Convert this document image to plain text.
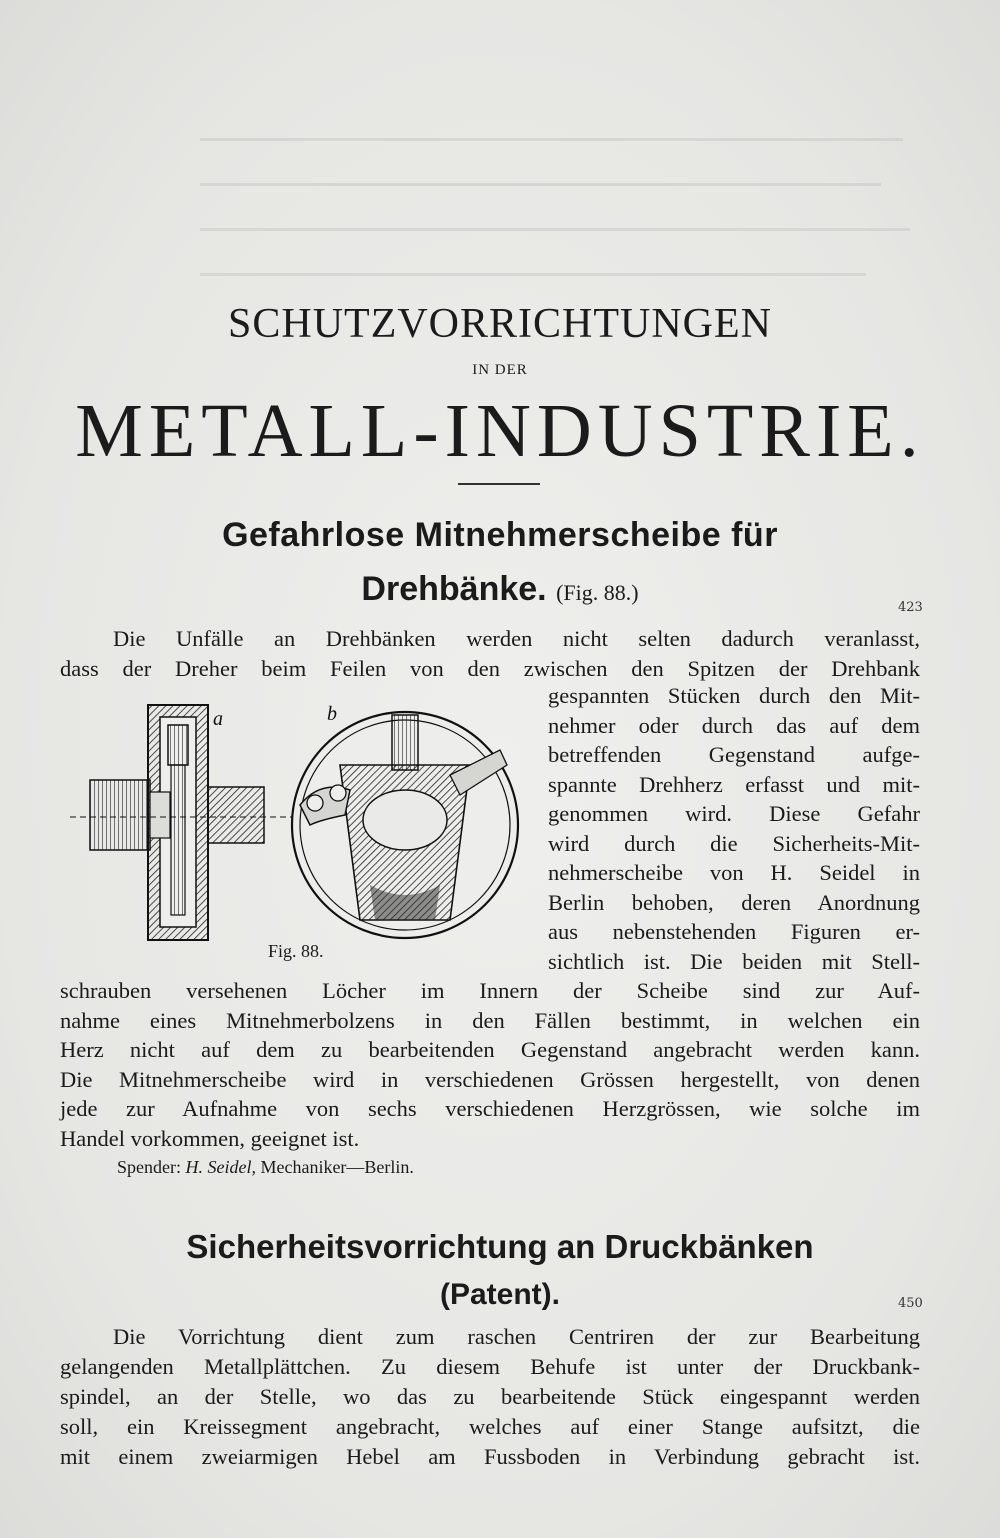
SCHUTZVORRICHTUNGEN
IN DER
METALL-INDUSTRIE.
Gefahrlose Mitnehmerscheibe für
Drehbänke. (Fig. 88.)
423
Die Unfälle an Drehbänken werden nicht selten dadurch veranlasst,
dass der Dreher beim Feilen von den zwischen den Spitzen der Drehbank
gespannten Stücken durch den Mit-
nehmer oder durch das auf dem
betreffenden Gegenstand aufge-
spannte Drehherz erfasst und mit-
genommen wird. Diese Gefahr
wird durch die Sicherheits-Mit-
nehmerscheibe von H. Seidel in
Berlin behoben, deren Anordnung
aus nebenstehenden Figuren er-
sichtlich ist. Die beiden mit Stell-
schrauben versehenen Löcher im Innern der Scheibe sind zur Auf-
nahme eines Mitnehmerbolzens in den Fällen bestimmt, in welchen ein
Herz nicht auf dem zu bearbeitenden Gegenstand angebracht werden kann.
Die Mitnehmerscheibe wird in verschiedenen Grössen hergestellt, von denen
jede zur Aufnahme von sechs verschiedenen Herzgrössen, wie solche im
Handel vorkommen, geeignet ist.
a	b
Fig. 88.
Spender: H. Seidel, Mechaniker—Berlin.
Sicherheitsvorrichtung an Druckbänken
(Patent).	450
Die Vorrichtung dient zum raschen Centriren der zur Bearbeitung
gelangenden Metallplättchen. Zu diesem Behufe ist unter der Druckbank-
spindel, an der Stelle, wo das zu bearbeitende Stück eingespannt werden
soll, ein Kreissegment angebracht, welches auf einer Stange aufsitzt, die
mit einem zweiarmigen Hebel am Fussboden in Verbindung gebracht ist.
